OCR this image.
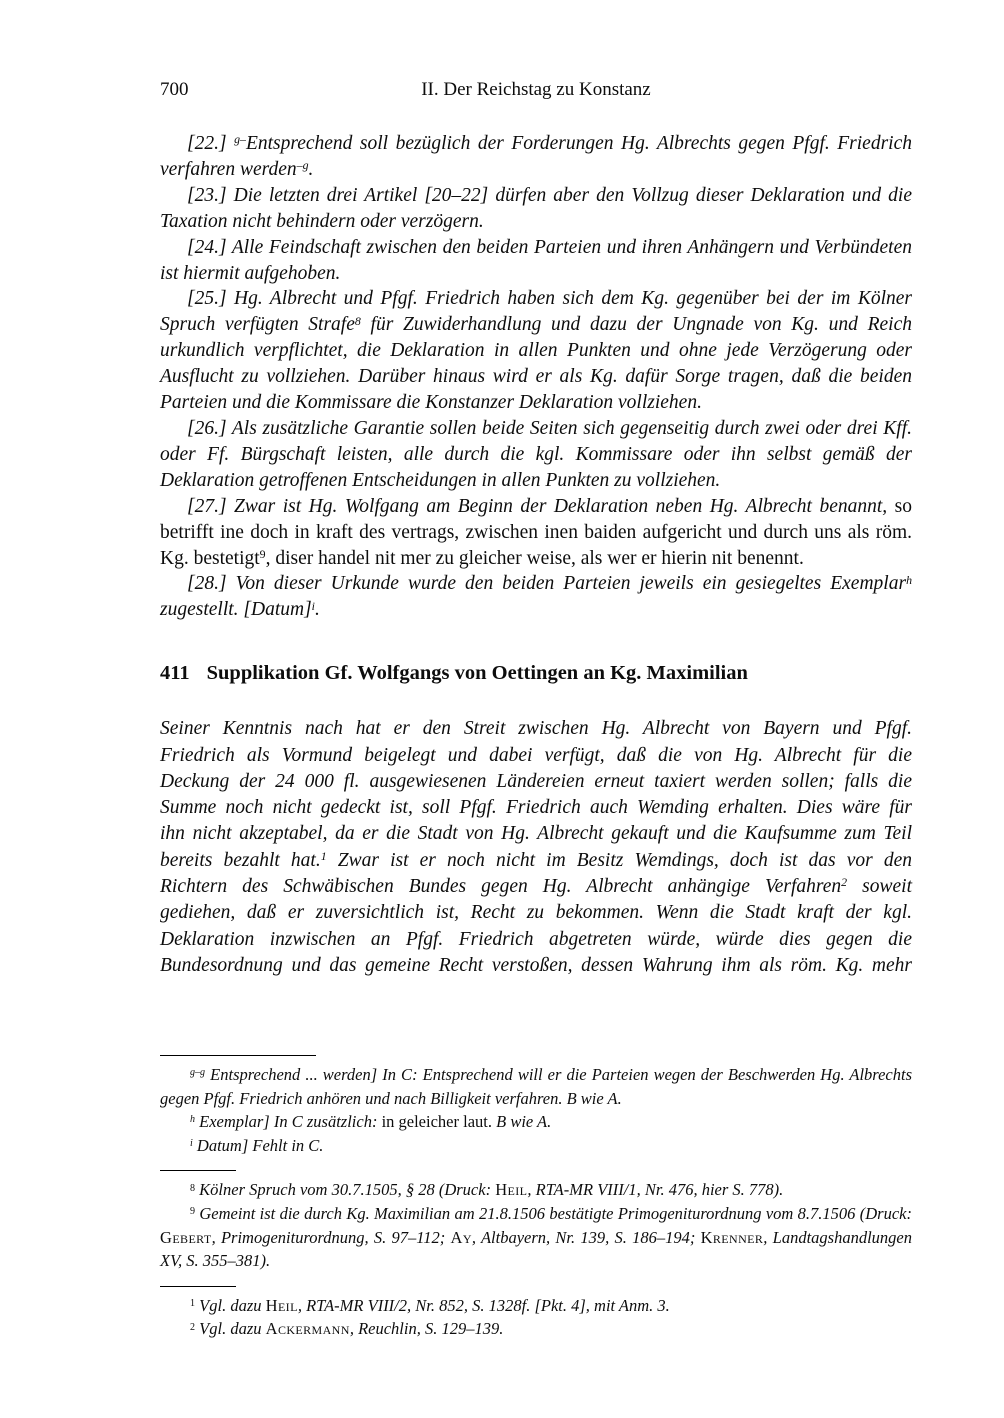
700	II. Der Reichstag zu Konstanz

[22.] $^{g-}$Entsprechend soll bezüglich der Forderungen Hg. Albrechts gegen Pfgf. Friedrich verfahren werden$^{-g}$.

[23.] Die letzten drei Artikel [20–22] dürfen aber den Vollzug dieser Deklaration und die Taxation nicht behindern oder verzögern.

[24.] Alle Feindschaft zwischen den beiden Parteien und ihren Anhängern und Verbündeten ist hiermit aufgehoben.

[25.] Hg. Albrecht und Pfgf. Friedrich haben sich dem Kg. gegenüber bei der im Kölner Spruch verfügten Strafe$^8$ für Zuwiderhandlung und dazu der Ungnade von Kg. und Reich urkundlich verpflichtet, die Deklaration in allen Punkten und ohne jede Verzögerung oder Ausflucht zu vollziehen. Darüber hinaus wird er als Kg. dafür Sorge tragen, daß die beiden Parteien und die Kommissare die Konstanzer Deklaration vollziehen.

[26.] Als zusätzliche Garantie sollen beide Seiten sich gegenseitig durch zwei oder drei Kff. oder Ff. Bürgschaft leisten, alle durch die kgl. Kommissare oder ihn selbst gemäß der Deklaration getroffenen Entscheidungen in allen Punkten zu vollziehen.

[27.] Zwar ist Hg. Wolfgang am Beginn der Deklaration neben Hg. Albrecht benannt, so betrifft ine doch in kraft des vertrags, zwischen inen baiden aufgericht und durch uns als röm. Kg. bestetigt$^9$, diser handel nit mer zu gleicher weise, als wer er hierin nit benennt.

[28.] Von dieser Urkunde wurde den beiden Parteien jeweils ein gesiegeltes Exemplar$^h$ zugestellt. [Datum]$^i$.

411 Supplikation Gf. Wolfgangs von Oettingen an Kg. Maximilian

Seiner Kenntnis nach hat er den Streit zwischen Hg. Albrecht von Bayern und Pfgf. Friedrich als Vormund beigelegt und dabei verfügt, daß die von Hg. Albrecht für die Deckung der 24 000 fl. ausgewiesenen Ländereien erneut taxiert werden sollen; falls die Summe noch nicht gedeckt ist, soll Pfgf. Friedrich auch Wemding erhalten. Dies wäre für ihn nicht akzeptabel, da er die Stadt von Hg. Albrecht gekauft und die Kaufsumme zum Teil bereits bezahlt hat.$^1$ Zwar ist er noch nicht im Besitz Wemdings, doch ist das vor den Richtern des Schwäbischen Bundes gegen Hg. Albrecht anhängige Verfahren$^2$ soweit gediehen, daß er zuversichtlich ist, Recht zu bekommen. Wenn die Stadt kraft der kgl. Deklaration inzwischen an Pfgf. Friedrich abgetreten würde, würde dies gegen die Bundesordnung und das gemeine Recht verstoßen, dessen Wahrung ihm als röm. Kg. mehr

$^{g-g}$ Entsprechend ... werden] In C: Entsprechend will er die Parteien wegen der Beschwerden Hg. Albrechts gegen Pfgf. Friedrich anhören und nach Billigkeit verfahren. B wie A.

$^h$ Exemplar] In C zusätzlich: in geleicher laut. B wie A.

$^i$ Datum] Fehlt in C.

$^8$ Kölner Spruch vom 30.7.1505, § 28 (Druck: Heil, RTA-MR VIII/1, Nr. 476, hier S. 778).

$^9$ Gemeint ist die durch Kg. Maximilian am 21.8.1506 bestätigte Primogeniturordnung vom 8.7.1506 (Druck: Gebert, Primogeniturordnung, S. 97–112; Ay, Altbayern, Nr. 139, S. 186–194; Krenner, Landtagshandlungen XV, S. 355–381).

$^1$ Vgl. dazu Heil, RTA-MR VIII/2, Nr. 852, S. 1328f. [Pkt. 4], mit Anm. 3.

$^2$ Vgl. dazu Ackermann, Reuchlin, S. 129–139.
